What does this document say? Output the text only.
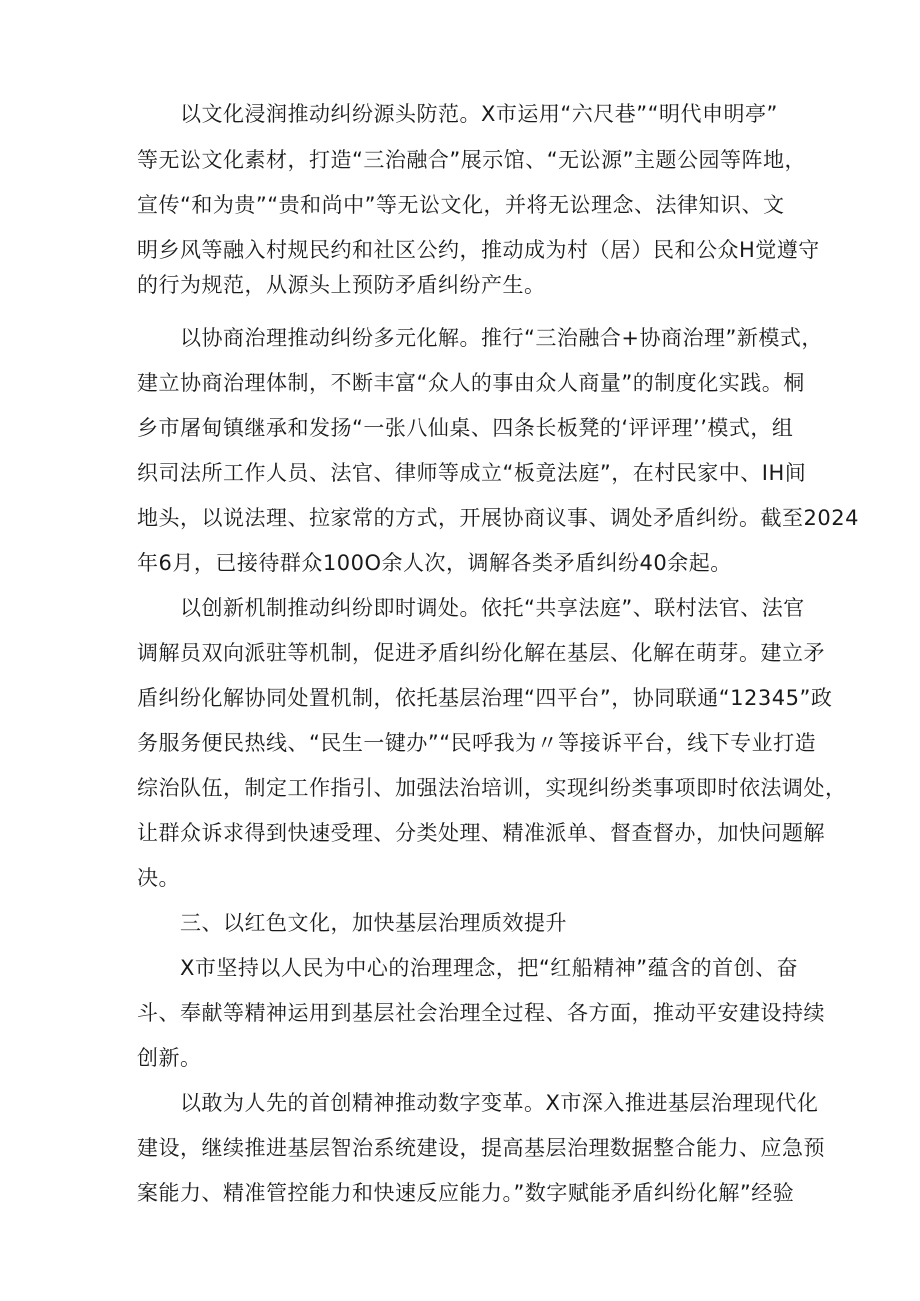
以文化浸润推动纠纷源头防范。X市运用“六尺巷”“明代申明亭”
等无讼文化素材，打造“三治融合”展示馆、“无讼源”主题公园等阵地，
宣传“和为贵”“贵和尚中”等无讼文化，并将无讼理念、法律知识、文
明乡风等融入村规民约和社区公约，推动成为村（居）民和公众H觉遵守
的行为规范，从源头上预防矛盾纠纷产生。
以协商治理推动纠纷多元化解。推行“三治融合+协商治理”新模式，
建立协商治理体制，不断丰富“众人的事由众人商量”的制度化实践。桐
乡市屠甸镇继承和发扬“一张八仙桌、四条长板凳的‘评评理’’模式，组
织司法所工作人员、法官、律师等成立“板竟法庭”，在村民家中、IH间
地头，以说法理、拉家常的方式，开展协商议事、调处矛盾纠纷。截至2024
年6月，已接待群众100O余人次，调解各类矛盾纠纷40余起。
以创新机制推动纠纷即时调处。依托“共享法庭”、联村法官、法官
调解员双向派驻等机制，促进矛盾纠纷化解在基层、化解在萌芽。建立矛
盾纠纷化解协同处置机制，依托基层治理“四平台”，协同联通“12345”政
务服务便民热线、“民生一键办”“民呼我为〃等接诉平台，线下专业打造
综治队伍，制定工作指引、加强法治培训，实现纠纷类事项即时依法调处，
让群众诉求得到快速受理、分类处理、精准派单、督查督办，加快问题解
决。
三、以红色文化，加快基层治理质效提升
X市坚持以人民为中心的治理理念，把“红船精神”蕴含的首创、奋
斗、奉献等精神运用到基层社会治理全过程、各方面，推动平安建设持续
创新。
以敢为人先的首创精神推动数字变革。X市深入推进基层治理现代化
建设，继续推进基层智治系统建设，提高基层治理数据整合能力、应急预
案能力、精准管控能力和快速反应能力。”数字赋能矛盾纠纷化解”经验
